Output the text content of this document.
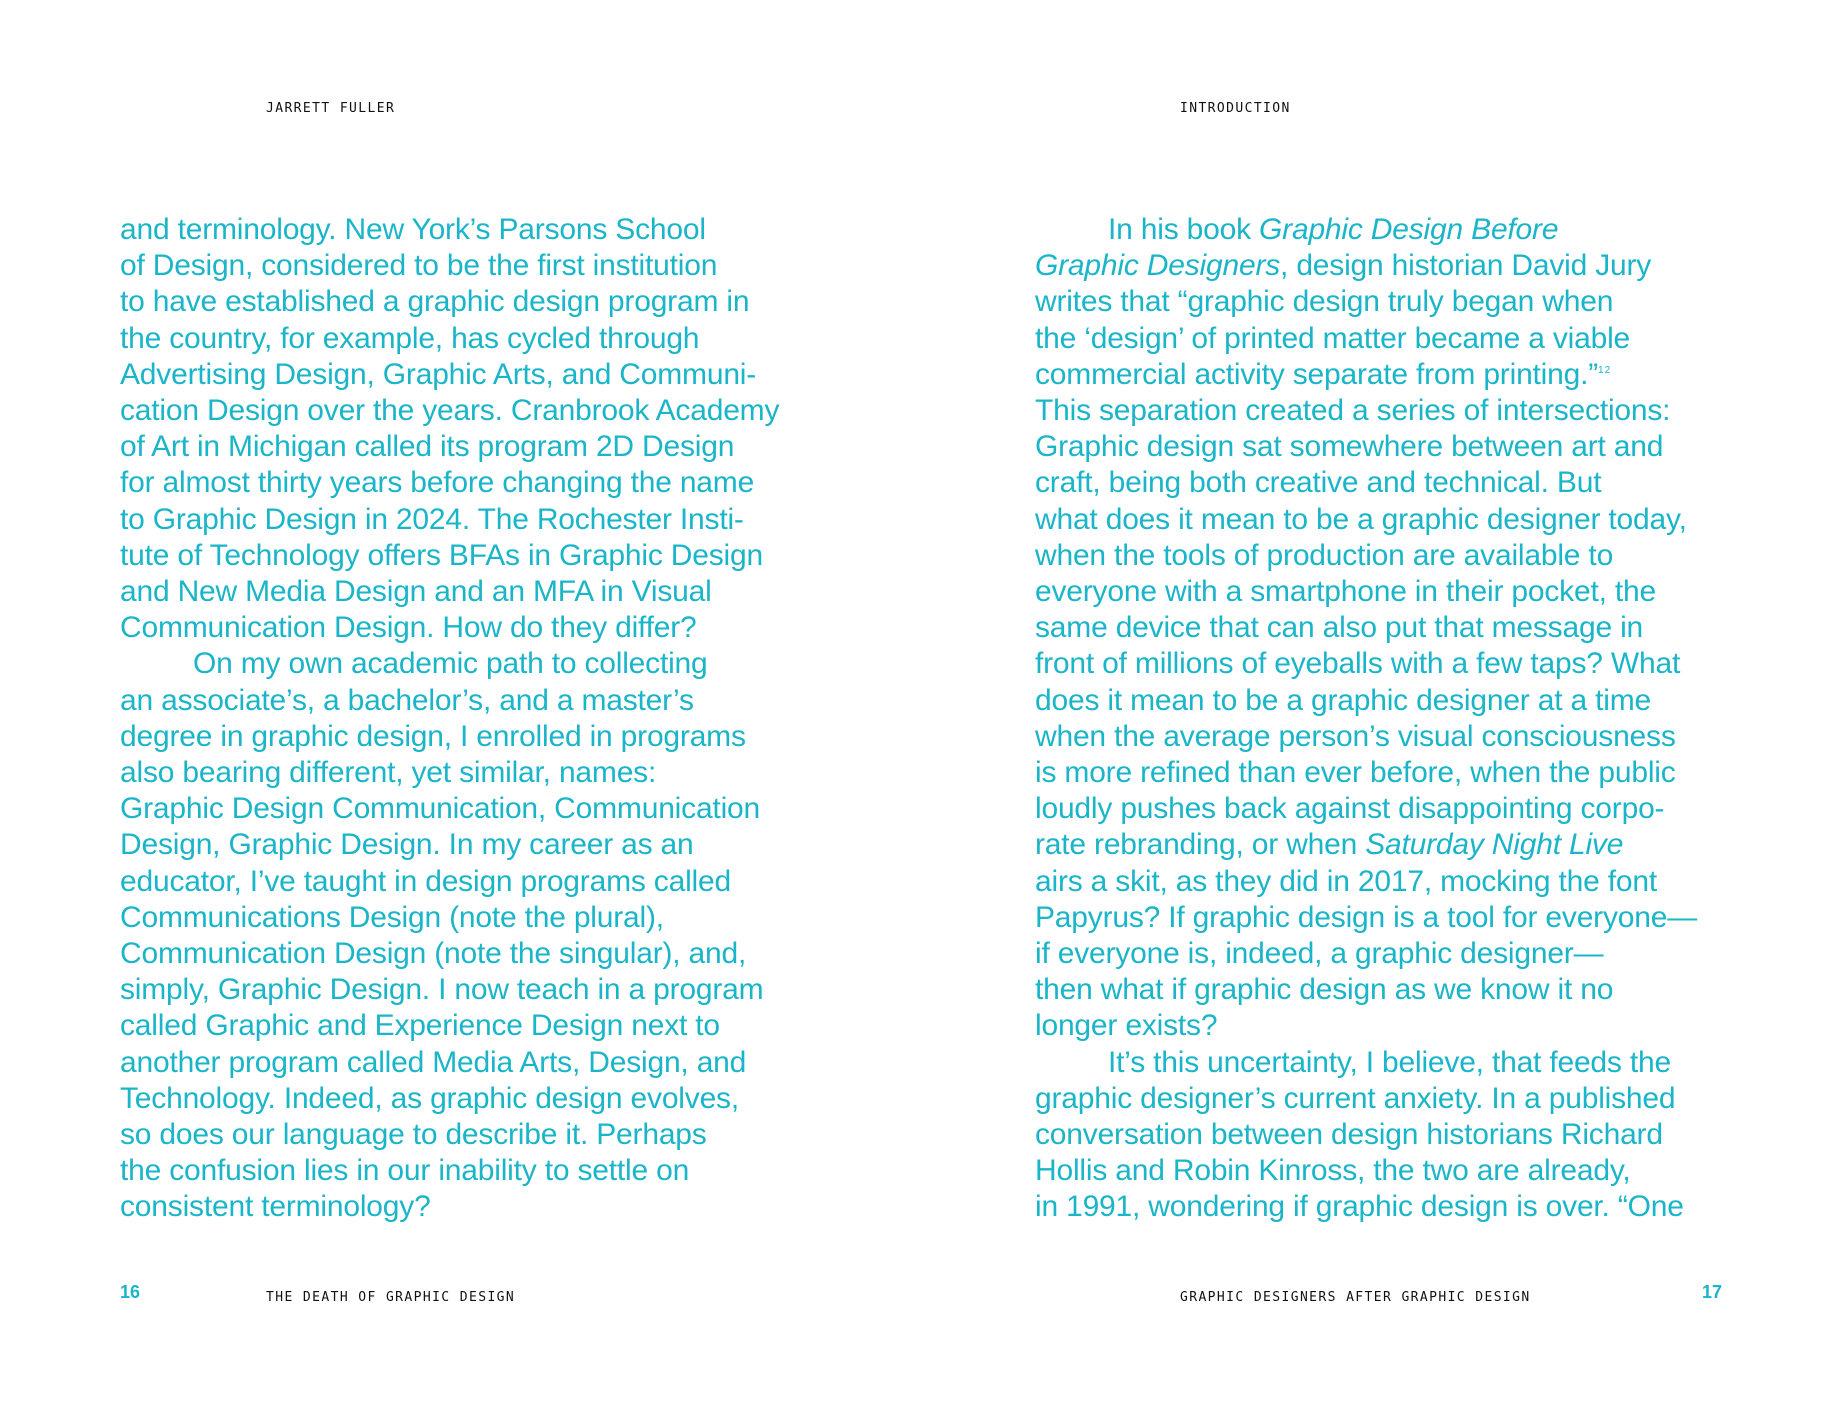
JARRETT FULLER
and terminology. New York’s Parsons School
of Design, considered to be the first institution
to have established a graphic design program in
the country, for example, has cycled through
Advertising Design, Graphic Arts, and Communi-
cation Design over the years. Cranbrook Academy
of Art in Michigan called its program 2D Design
for almost thirty years before changing the name
to Graphic Design in 2024. The Rochester Insti-
tute of Technology offers BFAs in Graphic Design
and New Media Design and an MFA in Visual
Communication Design. How do they differ?
On my own academic path to collecting
an associate’s, a bachelor’s, and a master’s
degree in graphic design, I enrolled in programs
also bearing different, yet similar, names:
Graphic Design Communication, Communication
Design, Graphic Design. In my career as an
educator, I’ve taught in design programs called
Communications Design (note the plural),
Communication Design (note the singular), and,
simply, Graphic Design. I now teach in a program
called Graphic and Experience Design next to
another program called Media Arts, Design, and
Technology. Indeed, as graphic design evolves,
so does our language to describe it. Perhaps
the confusion lies in our inability to settle on
consistent terminology?
16	THE DEATH OF GRAPHIC DESIGN
INTRODUCTION
In his book Graphic Design Before
Graphic Designers, design historian David Jury
writes that “graphic design truly began when
the ‘design’ of printed matter became a viable
commercial activity separate from printing.”$^{12}$
This separation created a series of intersections:
Graphic design sat somewhere between art and
craft, being both creative and technical. But
what does it mean to be a graphic designer today,
when the tools of production are available to
everyone with a smartphone in their pocket, the
same device that can also put that message in
front of millions of eyeballs with a few taps? What
does it mean to be a graphic designer at a time
when the average person’s visual consciousness
is more refined than ever before, when the public
loudly pushes back against disappointing corpo-
rate rebranding, or when Saturday Night Live
airs a skit, as they did in 2017, mocking the font
Papyrus? If graphic design is a tool for everyone—
if everyone is, indeed, a graphic designer—
then what if graphic design as we know it no
longer exists?
It’s this uncertainty, I believe, that feeds the
graphic designer’s current anxiety. In a published
conversation between design historians Richard
Hollis and Robin Kinross, the two are already,
in 1991, wondering if graphic design is over. “One
GRAPHIC DESIGNERS AFTER GRAPHIC DESIGN	17
